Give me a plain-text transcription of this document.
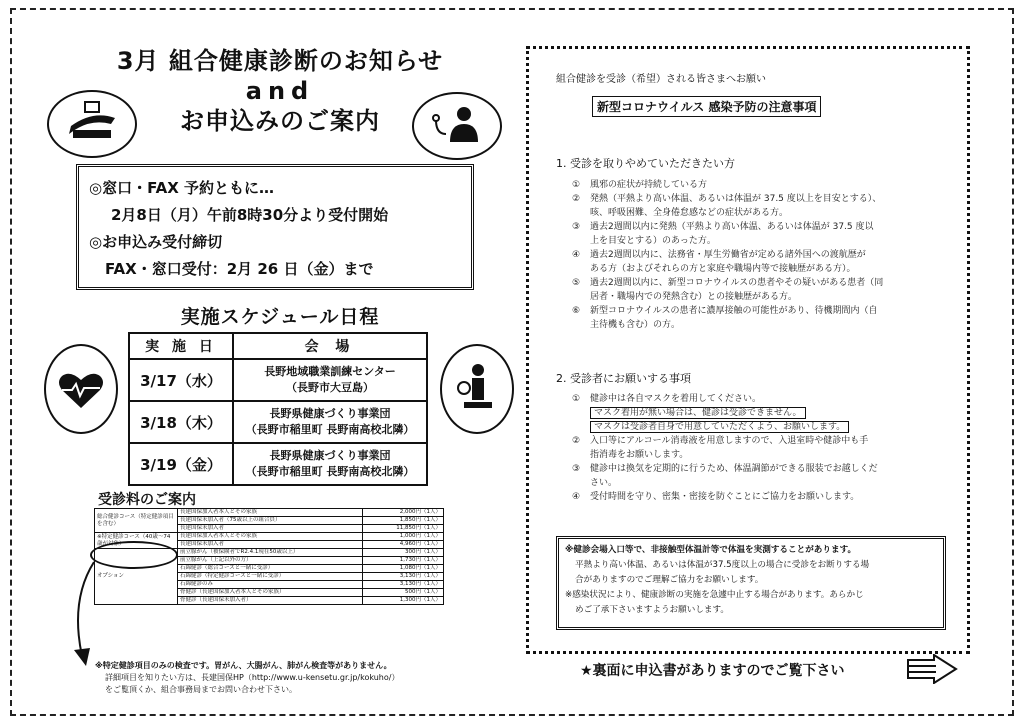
3月 組合健康診断のお知らせ
and
お申込みのご案内
◎窓口・FAX 予約ともに…
2月8日（月）午前8時30分より受付開始
◎お申込み受付締切
FAX・窓口受付：2月 26 日（金）まで
実施スケジュール日程
実 施 日	会 場
3/17（水）	長野地域職業訓練センター
（長野市大豆島）

3/18（木）	長野県健康づくり事業団
（長野市稲里町 長野南高校北隣）

3/19（金）	長野県健康づくり事業団
（長野市稲里町 長野南高校北隣）
受診料のご案内
総合健診コース（特定健診項目を含む）	長建国保加入者本人とその家族	2,000円（1人）
	長建国保未加入者（75歳以上の組合員）	1,850円（1人）
	長建国保未加入者	11,850円（1人）
※特定健診コース（40歳～74歳が対象）	長建国保加入者本人とその家族	1,000円（1人）
	長建国保未加入者	4,960円（1人）
オプション	前立腺がん（被保険者でR2.4.1現在50歳以上）	300円（1人）
	前立腺がん（上記以外の方）	1,730円（1人）
	石綿健診（総合コースと一緒に受診）	1,080円（1人）
	石綿健診（特定健診コースと一緒に受診）	3,130円（1人）
	石綿健診のみ	3,130円（1人）
	骨健診（長建国保加入者本人とその家族）	500円（1人）
	骨健診（長建国保未加入者）	1,300円（1人）
※特定健診項目のみの検査です。胃がん、大腸がん、肺がん検査等がありません。
詳細項目を知りたい方は、長建国保HP（http://www.u-kensetu.gr.jp/kokuho/）
をご覧頂くか、組合事務局までお問い合わせ下さい。
組合健診を受診（希望）される皆さまへお願い
新型コロナウイルス 感染予防の注意事項
1. 受診を取りやめていただきたい方
① 風邪の症状が持続している方
② 発熱（平熱より高い体温、あるいは体温が 37.5 度以上を目安とする）、
咳、呼吸困難、全身倦怠感などの症状がある方。
③ 過去2週間以内に発熱（平熱より高い体温、あるいは体温が 37.5 度以
上を目安とする）のあった方。
④ 過去2週間以内に、法務省・厚生労働省が定める諸外国への渡航歴が
ある方（およびそれらの方と家庭や職場内等で接触歴がある方）。
⑤ 過去2週間以内に、新型コロナウイルスの患者やその疑いがある患者（同
居者・職場内での発熱含む）との接触歴がある方。
⑥ 新型コロナウイルスの患者に濃厚接触の可能性があり、待機期間内（自
主待機も含む）の方。
2. 受診者にお願いする事項
① 健診中は各自マスクを着用してください。
マスク着用が無い場合は、健診は受診できません。
マスクは受診者自身で用意していただくよう、お願いします。
② 入口等にアルコール消毒液を用意しますので、入退室時や健診中も手
指消毒をお願いします。
③ 健診中は換気を定期的に行うため、体温調節ができる服装でお越しくだ
さい。
④ 受付時間を守り、密集・密接を防ぐことにご協力をお願いします。
※健診会場入口等で、非接触型体温計等で体温を実測することがあります。
平熱より高い体温、あるいは体温が37.5度以上の場合に受診をお断りする場
合がありますのでご理解ご協力をお願いします。
※感染状況により、健康診断の実施を急遽中止する場合があります。あらかじ
めご了承下さいますようお願いします。
★裏面に申込書がありますのでご覧下さい
